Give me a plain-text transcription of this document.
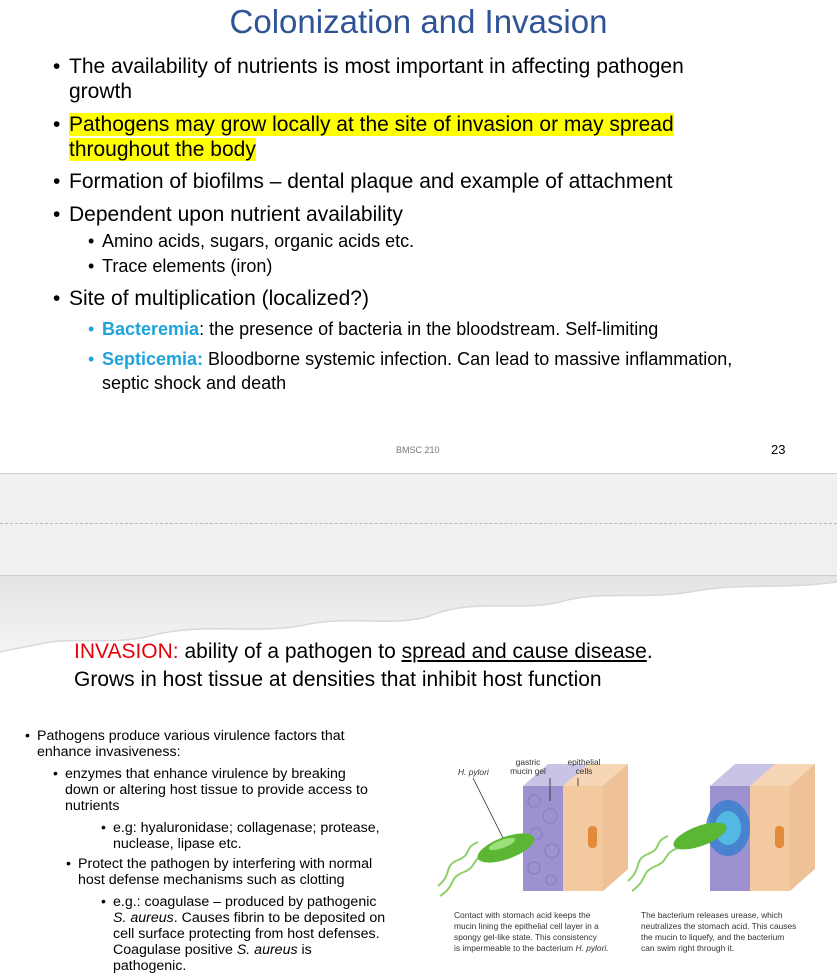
Colonization and Invasion
• The availability of nutrients is most important in affecting pathogen
growth
• Pathogens may grow locally at the site of invasion or may spread
throughout the body
• Formation of biofilms – dental plaque and example of attachment
• Dependent upon nutrient availability
• Amino acids, sugars, organic acids etc.
• Trace elements (iron)
• Site of multiplication (localized?)
• Bacteremia: the presence of bacteria in the bloodstream. Self-limiting
• Septicemia: Bloodborne systemic infection. Can lead to massive inflammation,
septic shock and death
BMSC 210	23
INVASION: ability of a pathogen to spread and cause disease.
Grows in host tissue at densities that inhibit host function
• Pathogens produce various virulence factors that
enhance invasiveness:
• enzymes that enhance virulence by breaking
down or altering host tissue to provide access to
nutrients
• e.g: hyaluronidase; collagenase; protease,
nuclease, lipase etc.
• Protect the pathogen by interfering with normal
host defense mechanisms such as clotting
• e.g.: coagulase – produced by pathogenic
S. aureus. Causes fibrin to be deposited on
cell surface protecting from host defenses.
Coagulase positive S. aureus is
pathogenic.
H. pylori
gastric
mucin gel
epithelial
cells
Contact with stomach acid keeps the
mucin lining the epithelial cell layer in a
spongy gel-like state. This consistency
is impermeable to the bacterium H. pylori.
The bacterium releases urease, which
neutralizes the stomach acid. This causes
the mucin to liquefy, and the bacterium
can swim right through it.
